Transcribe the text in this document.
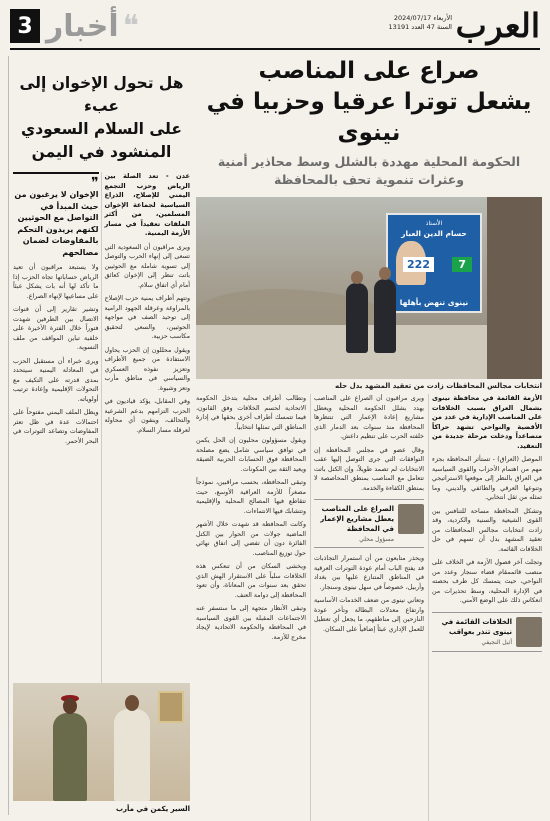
العرب
الأربعاء 2024/07/17
السنة 47 العدد 13191
3 أخبار ❝
صراع على المناصب
يشعل توترا عرقيا وحزبيا في نينوى
الحكومة المحلية مهددة بالشلل وسط محاذير أمنية
وعثرات تنموية تحف بالمحافظة
الأستاذ
حسام الدين العبار
7
222
نينوى تنهض بأهلها
انتخابات مجالس المحافظات زادت من تعقيد المشهد بدل حله

الأزمة القائمة في محافظة نينوى بشمال العراق بسبب الخلافات على المناصب الإدارية في عدد من الأقضية والنواحي تشهد حراكاً متصاعداً ودخلت مرحلة جديدة من التعقيد.

الموصل (العراق) - تستأثر المحافظة بجزء مهم من اهتمام الأحزاب والقوى السياسية في العراق بالنظر إلى موقعها الاستراتيجي وتنوعها العرقي والطائفي والديني، وما تمثله من ثقل انتخابي.

وتشكل المحافظة مساحة للتنافس بين القوى الشيعية والسنية والكردية، وقد زادت انتخابات مجالس المحافظات من تعقيد المشهد بدل أن تسهم في حل الخلافات القائمة.

وتجلت آخر فصول الأزمة في الخلاف على منصب قائممقام قضاء سنجار وعدد من النواحي، حيث يتمسك كل طرف بحصته في الإدارة المحلية، وسط تحذيرات من انعكاس ذلك على الوضع الأمني.

الخلافات القائمة في نينوى تنذر بعواقب
أثيل النجيفي

ويرى مراقبون أن الصراع على المناصب يهدد بشلل الحكومة المحلية ويعطل مشاريع إعادة الإعمار التي تنتظرها المحافظة منذ سنوات بعد الدمار الذي خلفته الحرب على تنظيم داعش.

وقال عضو في مجلس المحافظة إن التوافقات التي جرى التوصل إليها عقب الانتخابات لم تصمد طويلاً، وإن الكتل باتت تتعامل مع المناصب بمنطق المحاصصة لا بمنطق الكفاءة والخدمة.

الصراع على المناصب يعطل مشاريع الإعمار في المحافظة
مسؤول محلي

ويحذر متابعون من أن استمرار التجاذبات قد يفتح الباب أمام عودة التوترات العرقية في المناطق المتنازع عليها بين بغداد وأربيل، خصوصاً في سهل نينوى وسنجار.

وتعاني نينوى من ضعف الخدمات الأساسية وارتفاع معدلات البطالة وتأخر عودة النازحين إلى مناطقهم، ما يجعل أي تعطيل للعمل الإداري عبئاً إضافياً على السكان.

وتطالب أطراف محلية بتدخل الحكومة الاتحادية لحسم الخلافات وفق القانون، فيما تتمسك أطراف أخرى بحقها في إدارة المناطق التي تمثلها انتخابياً.

ويقول مسؤولون محليون إن الحل يكمن في توافق سياسي شامل يضع مصلحة المحافظة فوق الحسابات الحزبية الضيقة ويعيد الثقة بين المكونات.

وتبقى المحافظة، بحسب مراقبين، نموذجاً مصغراً للأزمة العراقية الأوسع، حيث تتقاطع فيها المصالح المحلية والإقليمية وتتشابك فيها الانتماءات.

وكانت المحافظة قد شهدت خلال الأشهر الماضية جولات من الحوار بين الكتل الفائزة دون أن تفضي إلى اتفاق نهائي حول توزيع المناصب.

ويخشى السكان من أن تنعكس هذه الخلافات سلباً على الاستقرار الهش الذي تحقق بعد سنوات من المعاناة، وأن تعود المحافظة إلى دوامة العنف.

وتبقى الأنظار متجهة إلى ما ستسفر عنه الاجتماعات المقبلة بين القوى السياسية في المحافظة والحكومة الاتحادية لإيجاد مخرج للأزمة.

هل تحول الإخوان إلى عبء
على السلام السعودي
المنشود في اليمن

عدن - تعد الصلة بين الرياض وحزب التجمع اليمني للإصلاح، الذراع السياسية لجماعة الإخوان المسلمين، من أكثر الملفات تعقيداً في مسار الأزمة اليمنية.

ويرى مراقبون أن السعودية التي تسعى إلى إنهاء الحرب والتوصل إلى تسوية شاملة مع الحوثيين باتت تنظر إلى الإخوان كعائق أمام أي اتفاق سلام.

وتتهم أطراف يمنية حزب الإصلاح بالمراوغة وعرقلة الجهود الرامية إلى توحيد الصف في مواجهة الحوثيين، والسعي لتحقيق مكاسب حزبية.

ويقول محللون إن الحزب يحاول الاستفادة من جميع الأطراف وتعزيز نفوذه العسكري والسياسي في مناطق مأرب وتعز وشبوة.

وفي المقابل، يؤكد قياديون في الحزب التزامهم بدعم الشرعية والتحالف، وينفون أي محاولة لعرقلة مسار السلام.

❞
الإخوان لا يرغبون من حيث المبدأ في التواصل مع الحوثيين لكنهم يريدون التحكم بالمفاوضات لضمان مصالحهم

ولا يستبعد مراقبون أن تعيد الرياض حساباتها تجاه الحزب إذا ما تأكد لها أنه بات يشكل عبئاً على مساعيها لإنهاء الصراع.

وتشير تقارير إلى أن قنوات الاتصال بين الطرفين شهدت فتوراً خلال الفترة الأخيرة على خلفية تباين المواقف من ملف التسوية.

ويرى خبراء أن مستقبل الحزب في المعادلة اليمنية سيتحدد بمدى قدرته على التكيف مع التحولات الإقليمية وإعادة ترتيب أولوياته.

ويظل الملف اليمني مفتوحاً على احتمالات عدة في ظل تعثر المفاوضات وتصاعد التوترات في البحر الأحمر.

السير يكمن في مأرب
